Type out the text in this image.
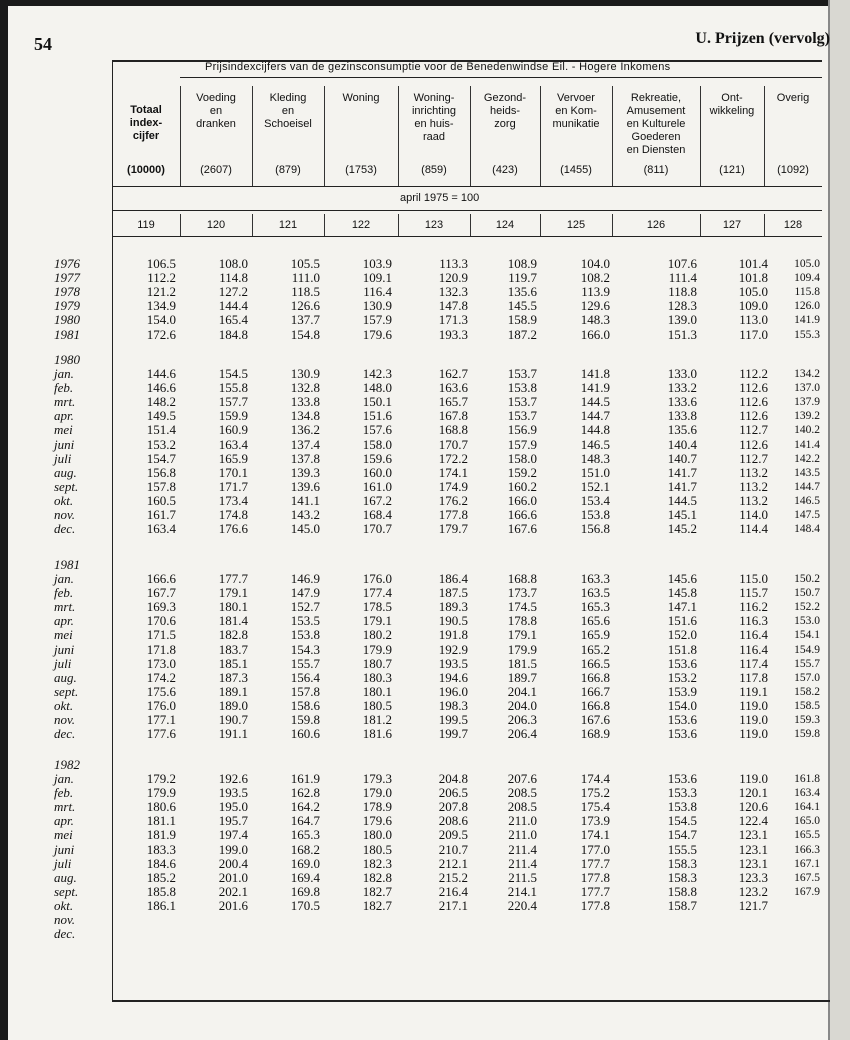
54	U. Prijzen (vervolg)
Prijsindexcijfers van de gezinsconsumptie voor de Benedenwindse Eil. - Hogere Inkomens
Totaal
index-
cijfer
(10000)
Voeding
en
dranken
(2607)
Kleding
en
Schoeisel
(879)
Woning
(1753)
Woning-
inrichting
en huis-
raad
(859)
Gezond-
heids-
zorg
(423)
Vervoer
en Kom-
munikatie
(1455)
Rekreatie,
Amusement
en Kulturele
Goederen
en Diensten
(811)
Ont-
wikkeling
(121)
Overig
(1092)
april 1975 = 100
119	120	121	122	123	124	125	126	127	128
1976	106.5	108.0	105.5	103.9	113.3	108.9	104.0	107.6	101.4	105.0
1977	112.2	114.8	111.0	109.1	120.9	119.7	108.2	111.4	101.8	109.4
1978	121.2	127.2	118.5	116.4	132.3	135.6	113.9	118.8	105.0	115.8
1979	134.9	144.4	126.6	130.9	147.8	145.5	129.6	128.3	109.0	126.0
1980	154.0	165.4	137.7	157.9	171.3	158.9	148.3	139.0	113.0	141.9
1981	172.6	184.8	154.8	179.6	193.3	187.2	166.0	151.3	117.0	155.3
1980
jan.	144.6	154.5	130.9	142.3	162.7	153.7	141.8	133.0	112.2	134.2
feb.	146.6	155.8	132.8	148.0	163.6	153.8	141.9	133.2	112.6	137.0
mrt.	148.2	157.7	133.8	150.1	165.7	153.7	144.5	133.6	112.6	137.9
apr.	149.5	159.9	134.8	151.6	167.8	153.7	144.7	133.8	112.6	139.2
mei	151.4	160.9	136.2	157.6	168.8	156.9	144.8	135.6	112.7	140.2
juni	153.2	163.4	137.4	158.0	170.7	157.9	146.5	140.4	112.6	141.4
juli	154.7	165.9	137.8	159.6	172.2	158.0	148.3	140.7	112.7	142.2
aug.	156.8	170.1	139.3	160.0	174.1	159.2	151.0	141.7	113.2	143.5
sept.	157.8	171.7	139.6	161.0	174.9	160.2	152.1	141.7	113.2	144.7
okt.	160.5	173.4	141.1	167.2	176.2	166.0	153.4	144.5	113.2	146.5
nov.	161.7	174.8	143.2	168.4	177.8	166.6	153.8	145.1	114.0	147.5
dec.	163.4	176.6	145.0	170.7	179.7	167.6	156.8	145.2	114.4	148.4
1981
jan.	166.6	177.7	146.9	176.0	186.4	168.8	163.3	145.6	115.0	150.2
feb.	167.7	179.1	147.9	177.4	187.5	173.7	163.5	145.8	115.7	150.7
mrt.	169.3	180.1	152.7	178.5	189.3	174.5	165.3	147.1	116.2	152.2
apr.	170.6	181.4	153.5	179.1	190.5	178.8	165.6	151.6	116.3	153.0
mei	171.5	182.8	153.8	180.2	191.8	179.1	165.9	152.0	116.4	154.1
juni	171.8	183.7	154.3	179.9	192.9	179.9	165.2	151.8	116.4	154.9
juli	173.0	185.1	155.7	180.7	193.5	181.5	166.5	153.6	117.4	155.7
aug.	174.2	187.3	156.4	180.3	194.6	189.7	166.8	153.2	117.8	157.0
sept.	175.6	189.1	157.8	180.1	196.0	204.1	166.7	153.9	119.1	158.2
okt.	176.0	189.0	158.6	180.5	198.3	204.0	166.8	154.0	119.0	158.5
nov.	177.1	190.7	159.8	181.2	199.5	206.3	167.6	153.6	119.0	159.3
dec.	177.6	191.1	160.6	181.6	199.7	206.4	168.9	153.6	119.0	159.8
1982
jan.	179.2	192.6	161.9	179.3	204.8	207.6	174.4	153.6	119.0	161.8
feb.	179.9	193.5	162.8	179.0	206.5	208.5	175.2	153.3	120.1	163.4
mrt.	180.6	195.0	164.2	178.9	207.8	208.5	175.4	153.8	120.6	164.1
apr.	181.1	195.7	164.7	179.6	208.6	211.0	173.9	154.5	122.4	165.0
mei	181.9	197.4	165.3	180.0	209.5	211.0	174.1	154.7	123.1	165.5
juni	183.3	199.0	168.2	180.5	210.7	211.4	177.0	155.5	123.1	166.3
juli	184.6	200.4	169.0	182.3	212.1	211.4	177.7	158.3	123.1	167.1
aug.	185.2	201.0	169.4	182.8	215.2	211.5	177.8	158.3	123.3	167.5
sept.	185.8	202.1	169.8	182.7	216.4	214.1	177.7	158.8	123.2	167.9
okt.	186.1	201.6	170.5	182.7	217.1	220.4	177.8	158.7	121.7
nov.
dec.
